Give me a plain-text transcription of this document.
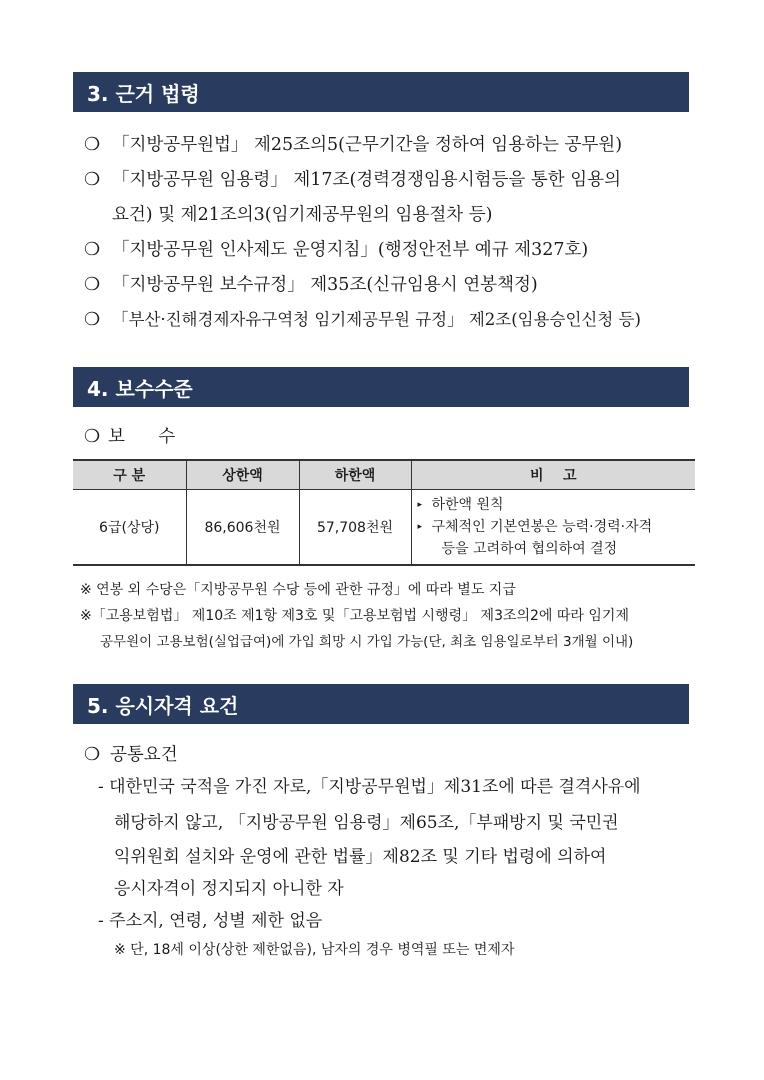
3. 근거 법령
❍ 「지방공무원법」 제25조의5(근무기간을 정하여 임용하는 공무원)
❍ 「지방공무원 임용령」 제17조(경력경쟁임용시험등을 통한 임용의
요건) 및 제21조의3(임기제공무원의 임용절차 등)
❍ 「지방공무원 인사제도 운영지침」(행정안전부 예규 제327호)
❍ 「지방공무원 보수규정」 제35조(신규임용시 연봉책정)
❍ 「부산·진해경제자유구역청 임기제공무원 규정」 제2조(임용승인신청 등)
4. 보수수준
❍ 보      수
구 분	상한액	하한액	비    고
6급(상당)	86,606천원	57,708천원	▸ 하한액 원칙
▸ 구체적인 기본연봉은 능력·경력·자격
등을 고려하여 협의하여 결정
※ 연봉 외 수당은「지방공무원 수당 등에 관한 규정」에 따라 별도 지급
※「고용보험법」 제10조 제1항 제3호 및「고용보험법 시행령」 제3조의2에 따라 임기제
공무원이 고용보험(실업급여)에 가입 희망 시 가입 가능(단, 최초 임용일로부터 3개월 이내)
5. 응시자격 요건
❍ 공통요건
- 대한민국 국적을 가진 자로,「지방공무원법」제31조에 따른 결격사유에
해당하지 않고, 「지방공무원 임용령」제65조,「부패방지 및 국민권
익위원회 설치와 운영에 관한 법률」제82조 및 기타 법령에 의하여
응시자격이 정지되지 아니한 자
- 주소지, 연령, 성별 제한 없음
※ 단, 18세 이상(상한 제한없음), 남자의 경우 병역필 또는 면제자
